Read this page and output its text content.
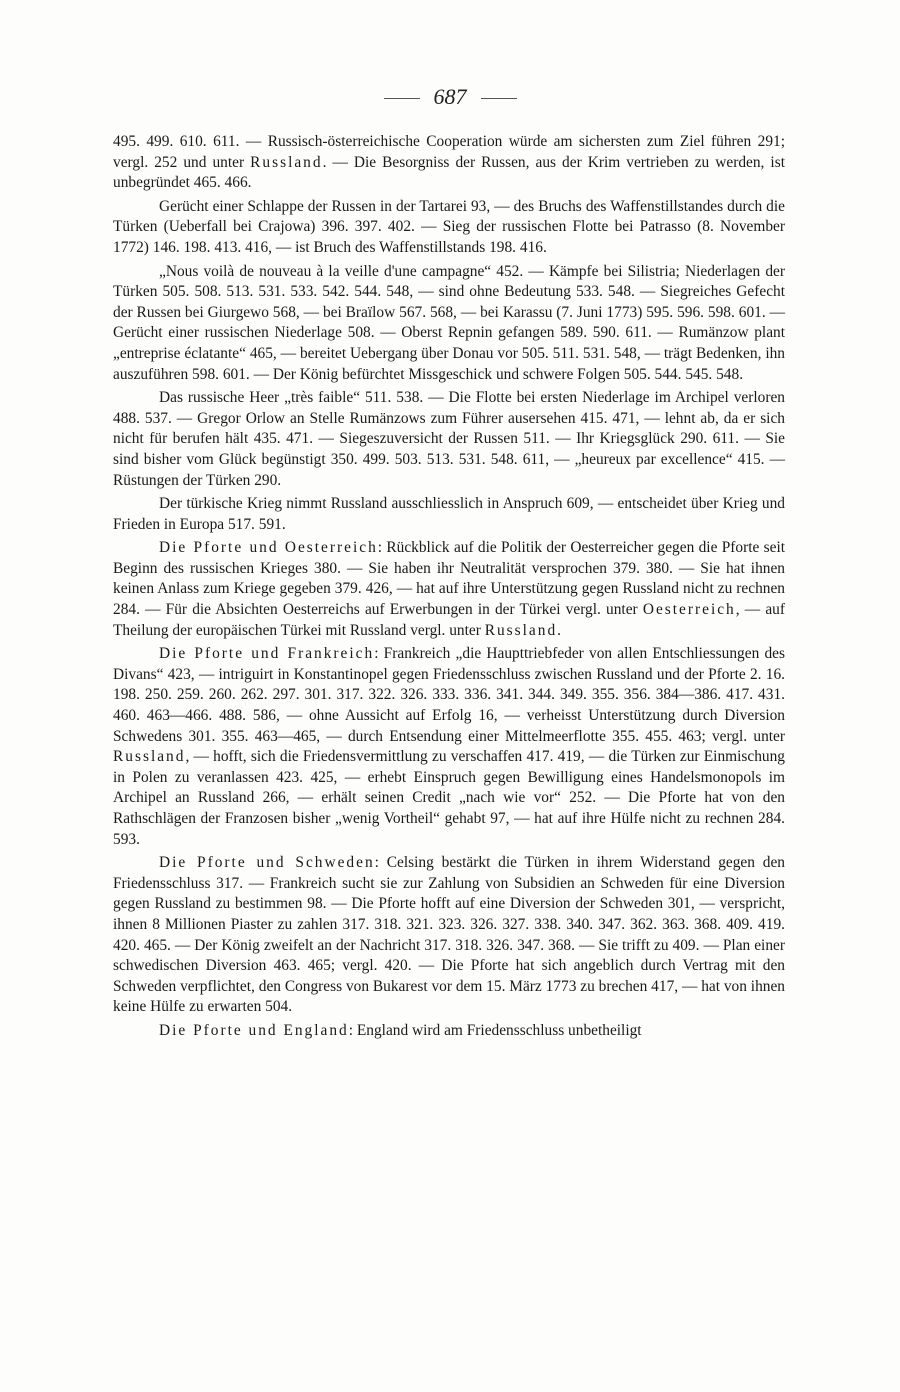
687

495. 499. 610. 611. — Russisch-österreichische Cooperation würde am sichersten zum Ziel führen 291; vergl. 252 und unter Russland. — Die Besorgniss der Russen, aus der Krim vertrieben zu werden, ist unbegründet 465. 466.

Gerücht einer Schlappe der Russen in der Tartarei 93, — des Bruchs des Waffenstillstandes durch die Türken (Ueberfall bei Crajowa) 396. 397. 402. — Sieg der russischen Flotte bei Patrasso (8. November 1772) 146. 198. 413. 416, — ist Bruch des Waffenstillstands 198. 416.

„Nous voilà de nouveau à la veille d'une campagne“ 452. — Kämpfe bei Silistria; Niederlagen der Türken 505. 508. 513. 531. 533. 542. 544. 548, — sind ohne Bedeutung 533. 548. — Siegreiches Gefecht der Russen bei Giurgewo 568, — bei Braïlow 567. 568, — bei Karassu (7. Juni 1773) 595. 596. 598. 601. — Gerücht einer russischen Niederlage 508. — Oberst Repnin gefangen 589. 590. 611. — Rumänzow plant „entreprise éclatante“ 465, — bereitet Uebergang über Donau vor 505. 511. 531. 548, — trägt Bedenken, ihn auszuführen 598. 601. — Der König befürchtet Missgeschick und schwere Folgen 505. 544. 545. 548.

Das russische Heer „très faible“ 511. 538. — Die Flotte bei ersten Niederlage im Archipel verloren 488. 537. — Gregor Orlow an Stelle Rumänzows zum Führer ausersehen 415. 471, — lehnt ab, da er sich nicht für berufen hält 435. 471. — Siegeszuversicht der Russen 511. — Ihr Kriegsglück 290. 611. — Sie sind bisher vom Glück begünstigt 350. 499. 503. 513. 531. 548. 611, — „heureux par excellence“ 415. — Rüstungen der Türken 290.

Der türkische Krieg nimmt Russland ausschliesslich in Anspruch 609, — entscheidet über Krieg und Frieden in Europa 517. 591.

Die Pforte und Oesterreich: Rückblick auf die Politik der Oesterreicher gegen die Pforte seit Beginn des russischen Krieges 380. — Sie haben ihr Neutralität versprochen 379. 380. — Sie hat ihnen keinen Anlass zum Kriege gegeben 379. 426, — hat auf ihre Unterstützung gegen Russland nicht zu rechnen 284. — Für die Absichten Oesterreichs auf Erwerbungen in der Türkei vergl. unter Oesterreich, — auf Theilung der europäischen Türkei mit Russland vergl. unter Russland.

Die Pforte und Frankreich: Frankreich „die Haupttriebfeder von allen Entschliessungen des Divans“ 423, — intriguirt in Konstantinopel gegen Friedensschluss zwischen Russland und der Pforte 2. 16. 198. 250. 259. 260. 262. 297. 301. 317. 322. 326. 333. 336. 341. 344. 349. 355. 356. 384—386. 417. 431. 460. 463—466. 488. 586, — ohne Aussicht auf Erfolg 16, — verheisst Unterstützung durch Diversion Schwedens 301. 355. 463—465, — durch Entsendung einer Mittelmeerflotte 355. 455. 463; vergl. unter Russland, — hofft, sich die Friedensvermittlung zu verschaffen 417. 419, — die Türken zur Einmischung in Polen zu veranlassen 423. 425, — erhebt Einspruch gegen Bewilligung eines Handelsmonopols im Archipel an Russland 266, — erhält seinen Credit „nach wie vor“ 252. — Die Pforte hat von den Rathschlägen der Franzosen bisher „wenig Vortheil“ gehabt 97, — hat auf ihre Hülfe nicht zu rechnen 284. 593.

Die Pforte und Schweden: Celsing bestärkt die Türken in ihrem Widerstand gegen den Friedensschluss 317. — Frankreich sucht sie zur Zahlung von Subsidien an Schweden für eine Diversion gegen Russland zu bestimmen 98. — Die Pforte hofft auf eine Diversion der Schweden 301, — verspricht, ihnen 8 Millionen Piaster zu zahlen 317. 318. 321. 323. 326. 327. 338. 340. 347. 362. 363. 368. 409. 419. 420. 465. — Der König zweifelt an der Nachricht 317. 318. 326. 347. 368. — Sie trifft zu 409. — Plan einer schwedischen Diversion 463. 465; vergl. 420. — Die Pforte hat sich angeblich durch Vertrag mit den Schweden verpflichtet, den Congress von Bukarest vor dem 15. März 1773 zu brechen 417, — hat von ihnen keine Hülfe zu erwarten 504.

Die Pforte und England: England wird am Friedensschluss unbetheiligt
